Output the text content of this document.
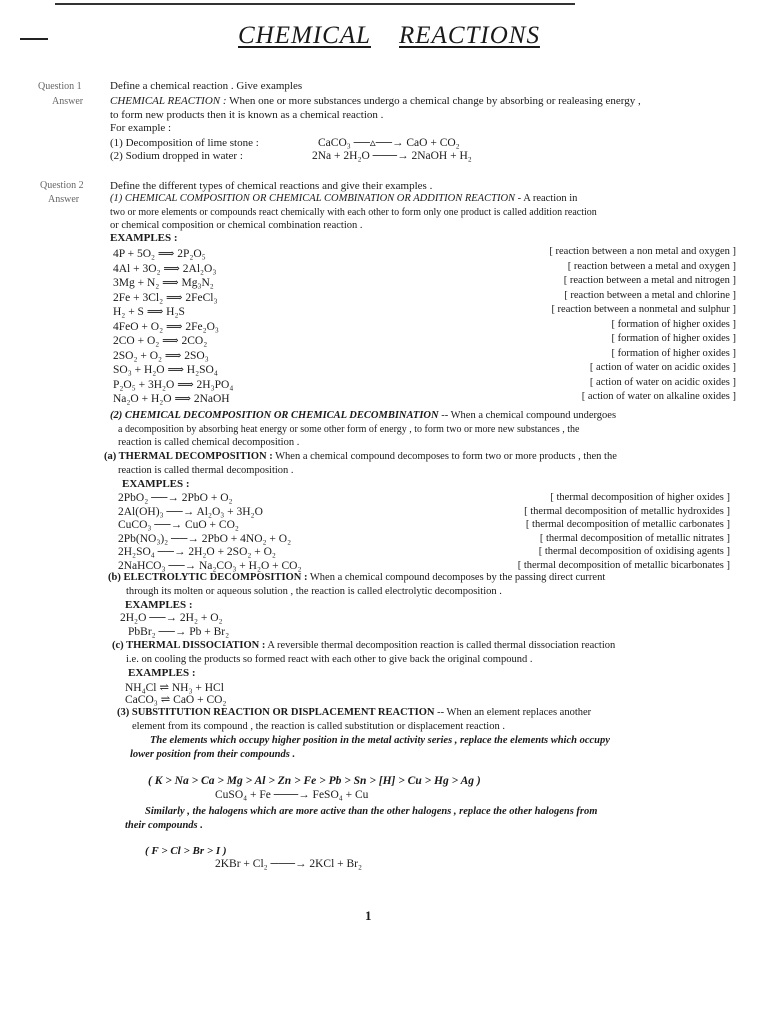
CHEMICAL REACTIONS
Question 1	Define a chemical reaction . Give examples
Answer CHEMICAL REACTION : When one or more substances undergo a chemical change by absorbing or realeasing energy ,
to form new products then it is known as a chemical reaction .
For example :
(1) Decomposition of lime stone :	CaCO₃ ──▵──→ CaO + CO₂
(2) Sodium dropped in water :	2Na + 2H₂O ───→ 2NaOH + H₂
Question 2 Define the different types of chemical reactions and give their examples .
Answer	(1) CHEMICAL COMPOSITION OR CHEMICAL COMBINATION OR ADDITION REACTION - A reaction in
two or more elements or compounds react chemically with each other to form only one product is called addition reaction
or chemical composition or chemical combination reaction .
EXAMPLES :
4P + 5O₂ ⟹ 2P₂O₅	[ reaction between a non metal and oxygen ]
4Al + 3O₂ ⟹ 2Al₂O₃	[ reaction between a metal and oxygen ]
3Mg + N₂ ⟹ Mg₃N₂	[ reaction between a metal and nitrogen ]
2Fe + 3Cl₂ ⟹ 2FeCl₃	[ reaction between a metal and chlorine ]
H₂ + S ⟹ H₂S	[ reaction between a nonmetal and sulphur ]
4FeO + O₂ ⟹ 2Fe₂O₃	[ formation of higher oxides ]
2CO + O₂ ⟹ 2CO₂	[ formation of higher oxides ]
2SO₂ + O₂ ⟹ 2SO₃	[ formation of higher oxides ]
SO₃ + H₂O ⟹ H₂SO₄	[ action of water on acidic oxides ]
P₂O₅ + 3H₂O ⟹ 2H₃PO₄	[ action of water on acidic oxides ]
Na₂O + H₂O ⟹ 2NaOH	[ action of water on alkaline oxides ]
(2) CHEMICAL DECOMPOSITION OR CHEMICAL DECOMBINATION -- When a chemical compound undergoes
a decomposition by absorbing heat energy or some other form of energy , to form two or more new substances , the
reaction is called chemical decomposition .
(a) THERMAL DECOMPOSITION : When a chemical compound decomposes to form two or more products , then the
reaction is called thermal decomposition .
EXAMPLES :
2PbO₂ ──→ 2PbO + O₂	[ thermal decomposition of higher oxides ]
2Al(OH)₃ ──→ Al₂O₃ + 3H₂O	[ thermal decomposition of metallic hydroxides ]
CuCO₃ ──→ CuO + CO₂	[ thermal decomposition of metallic carbonates ]
2Pb(NO₃)₂ ──→ 2PbO + 4NO₂ + O₂	[ thermal decomposition of metallic nitrates ]
2H₂SO₄ ──→ 2H₂O + 2SO₂ + O₂	[ thermal decomposition of oxidising agents ]
2NaHCO₃ ──→ Na₂CO₃ + H₂O + CO₂	[ thermal decomposition of metallic bicarbonates ]
(b) ELECTROLYTIC DECOMPOSITION : When a chemical compound decomposes by the passing direct current
through its molten or aqueous solution , the reaction is called electrolytic decomposition .
EXAMPLES :
2H₂O ──→ 2H₂ + O₂
PbBr₂ ──→ Pb + Br₂
(c) THERMAL DISSOCIATION : A reversible thermal decomposition reaction is called thermal dissociation reaction
i.e. on cooling the products so formed react with each other to give back the original compound .
EXAMPLES :
NH₄Cl ⇌ NH₃ + HCl
CaCO₃ ⇌ CaO + CO₂
(3) SUBSTITUTION REACTION OR DISPLACEMENT REACTION -- When an element replaces another
element from its compound , the reaction is called substitution or displacement reaction .
The elements which occupy higher position in the metal activity series , replace the elements which occupy
lower position from their compounds .
( K > Na > Ca > Mg > Al > Zn > Fe > Pb > Sn > [H] > Cu > Hg > Ag )
CuSO₄ + Fe ───→ FeSO₄ + Cu
Similarly , the halogens which are more active than the other halogens , replace the other halogens from
their compounds .
( F > Cl > Br > I )
2KBr + Cl₂ ───→ 2KCl + Br₂
1
